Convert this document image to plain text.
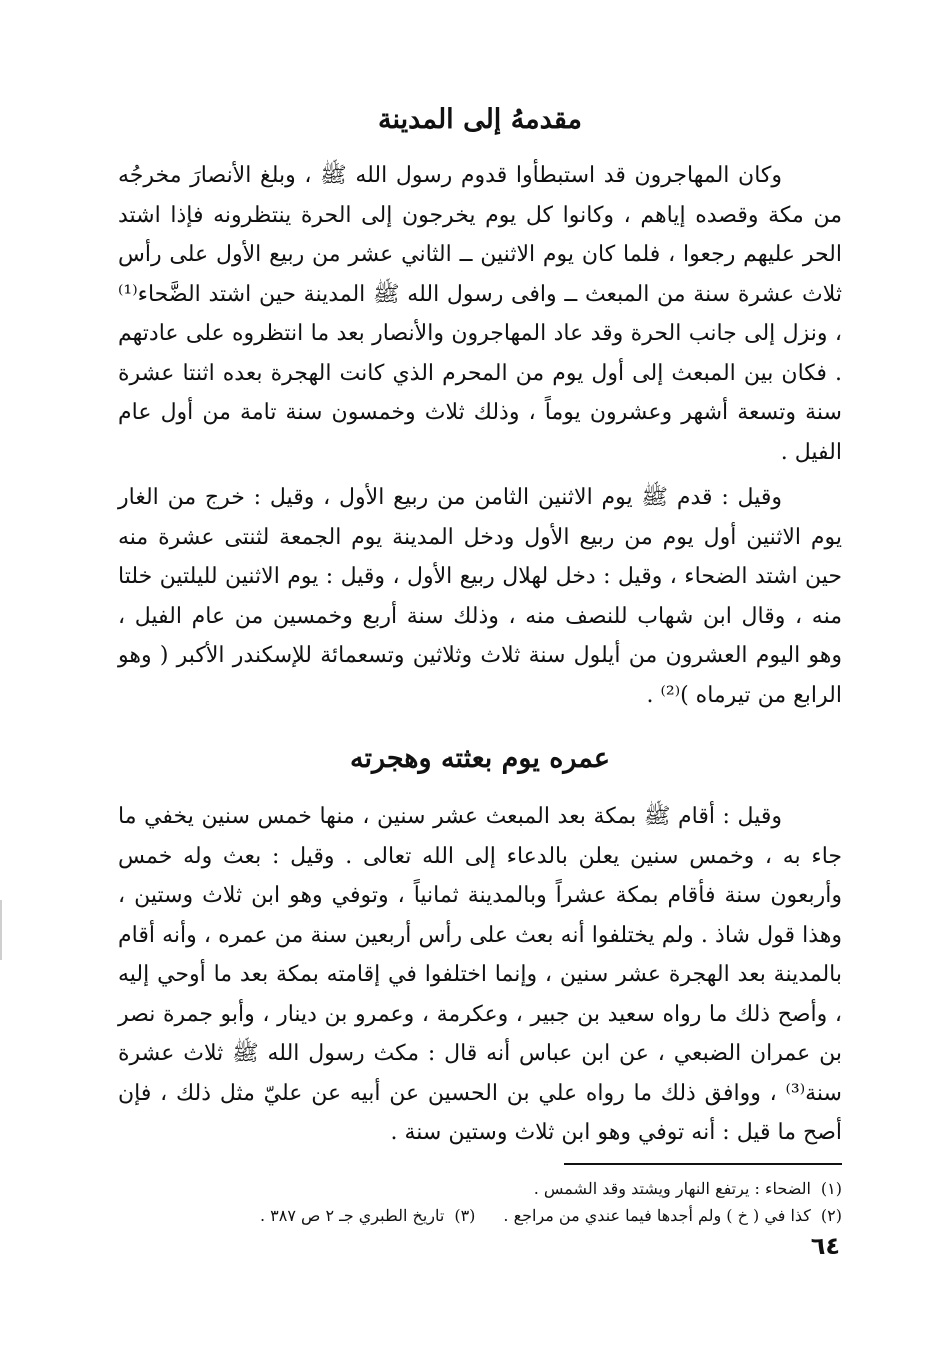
مقدمهُ إلى المدينة

وكان المهاجرون قد استبطأوا قدوم رسول الله ﷺ ، وبلغ الأنصارَ مخرجُه من مكة وقصده إياهم ، وكانوا كل يوم يخرجون إلى الحرة ينتظرونه فإذا اشتد الحر عليهم رجعوا ، فلما كان يوم الاثنين ــ الثاني عشر من ربيع الأول على رأس ثلاث عشرة سنة من المبعث ــ وافى رسول الله ﷺ المدينة حين اشتد الضَّحاء⁽¹⁾ ، ونزل إلى جانب الحرة وقد عاد المهاجرون والأنصار بعد ما انتظروه على عادتهم . فكان بين المبعث إلى أول يوم من المحرم الذي كانت الهجرة بعده اثنتا عشرة سنة وتسعة أشهر وعشرون يوماً ، وذلك ثلاث وخمسون سنة تامة من أول عام الفيل .

وقيل : قدم ﷺ يوم الاثنين الثامن من ربيع الأول ، وقيل : خرج من الغار يوم الاثنين أول يوم من ربيع الأول ودخل المدينة يوم الجمعة لثنتى عشرة منه حين اشتد الضحاء ، وقيل : دخل لهلال ربيع الأول ، وقيل : يوم الاثنين لليلتين خلتا منه ، وقال ابن شهاب للنصف منه ، وذلك سنة أربع وخمسين من عام الفيل ، وهو اليوم العشرون من أيلول سنة ثلاث وثلاثين وتسعمائة للإسكندر الأكبر ( وهو الرابع من تيرماه )⁽²⁾ .

عمره يوم بعثته وهجرته

وقيل : أقام ﷺ بمكة بعد المبعث عشر سنين ، منها خمس سنين يخفي ما جاء به ، وخمس سنين يعلن بالدعاء إلى الله تعالى . وقيل : بعث وله خمس وأربعون سنة فأقام بمكة عشراً وبالمدينة ثمانياً ، وتوفي وهو ابن ثلاث وستين ، وهذا قول شاذ . ولم يختلفوا أنه بعث على رأس أربعين سنة من عمره ، وأنه أقام بالمدينة بعد الهجرة عشر سنين ، وإنما اختلفوا في إقامته بمكة بعد ما أوحي إليه ، وأصح ذلك ما رواه سعيد بن جبير ، وعكرمة ، وعمرو بن دينار ، وأبو جمرة نصر بن عمران الضبعي ، عن ابن عباس أنه قال : مكث رسول الله ﷺ ثلاث عشرة سنة⁽³⁾ ، ووافق ذلك ما رواه علي بن الحسين عن أبيه عن عليّ مثل ذلك ، فإن أصح ما قيل : أنه توفي وهو ابن ثلاث وستين سنة .

(١)الضحاء : يرتفع النهار ويشتد وقد الشمس .

(٢)كذا في ( خ ) ولم أجدها فيما عندي من مراجع .(٣)تاريخ الطبري جـ ٢ ص ٣٨٧ .

٦٤
